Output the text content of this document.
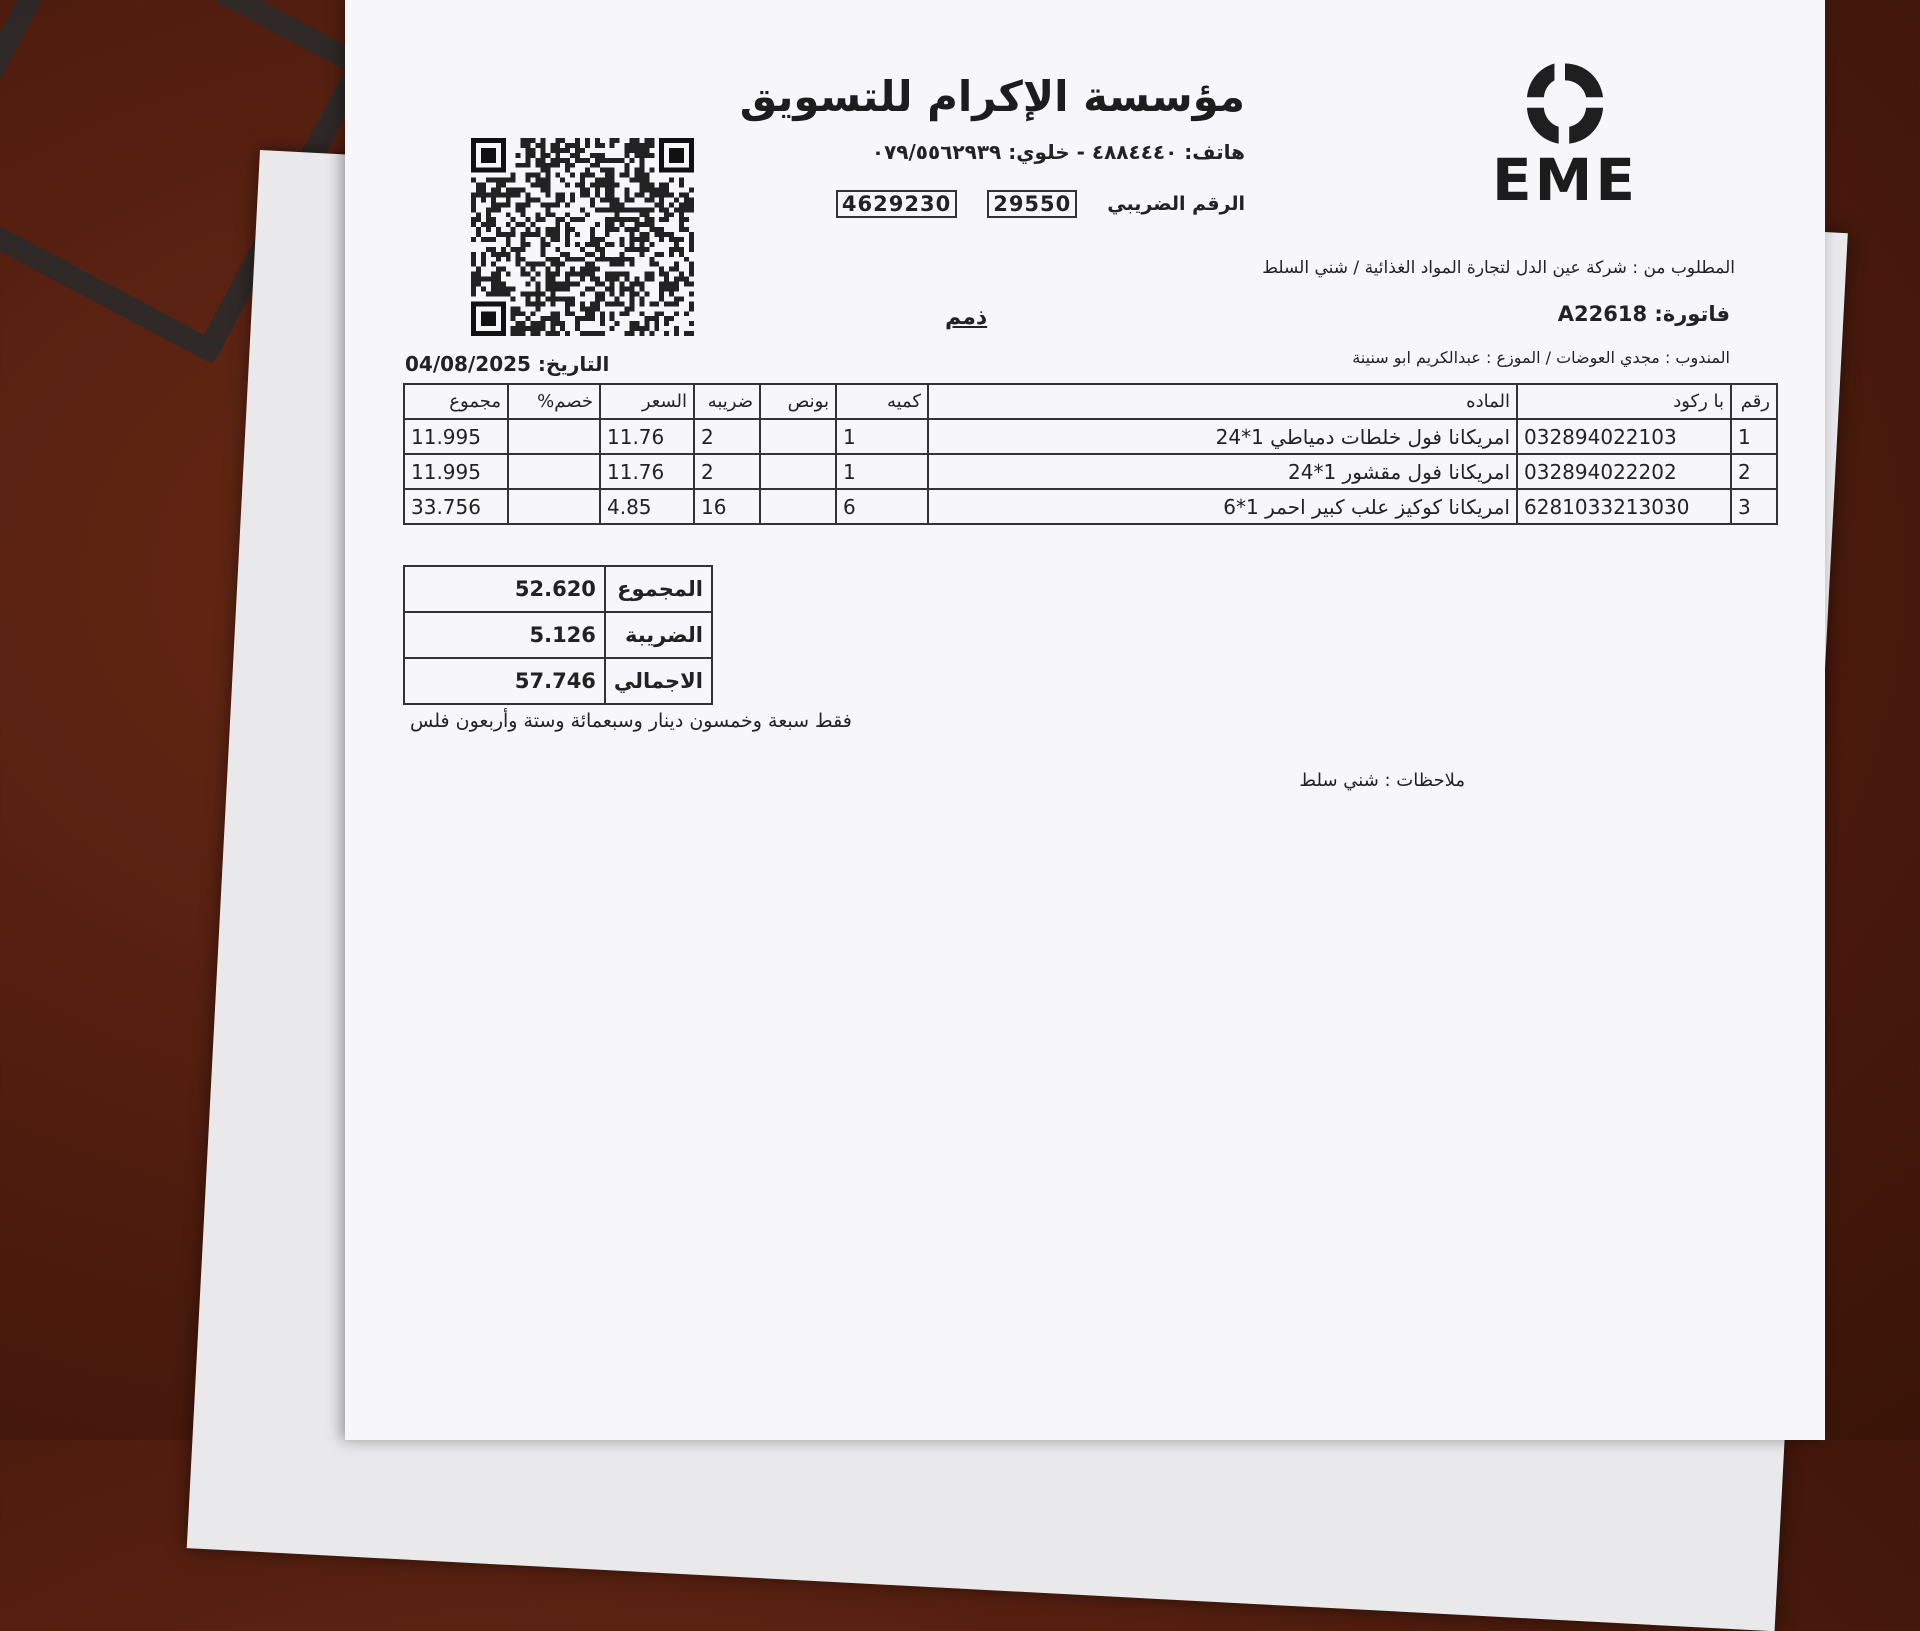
EME
مؤسسة الإكرام للتسويق
هاتف: ٤٨٨٤٤٤٠ - خلوي: ٠٧٩/٥٥٦٢٩٣٩
الرقم الضريبي
29550
4629230
المطلوب من : شركة عين الدل لتجارة المواد الغذائية / شني السلط
فاتورة: A22618
ذمم
المندوب : مجدي العوضات / الموزع : عبدالكريم ابو سنينة
التاريخ: 04/08/2025
رقم	با ركود	الماده	كميه	بونص	ضريبه	السعر	خصم%	مجموع
1	032894022103	امريكانا فول خلطات دمياطي 1*24	1		2	11.76		11.995
2	032894022202	امريكانا فول مقشور 1*24	1		2	11.76		11.995
3	6281033213030	امريكانا كوكيز علب كبير احمر 1*6	6		16	4.85		33.756
المجموع	52.620
الضريبة	5.126
الاجمالي	57.746
فقط سبعة وخمسون دينار وسبعمائة وستة وأربعون فلس
ملاحظات : شني سلط
